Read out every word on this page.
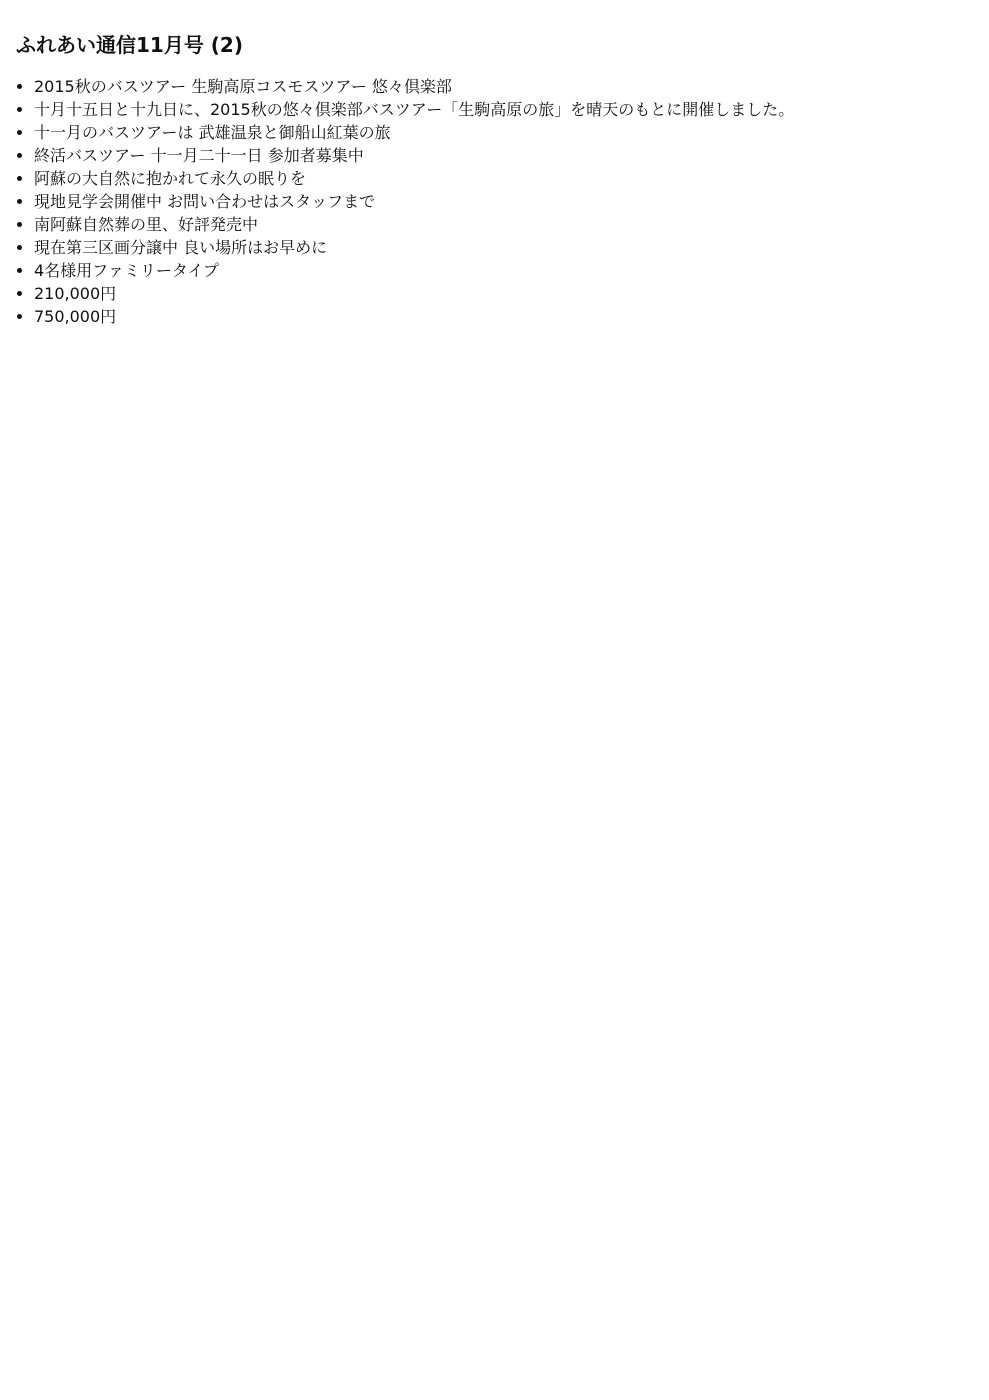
ふれあい通信11月号 (2)
• 2015秋のバスツアー 生駒高原コスモスツアー 悠々倶楽部
• 十月十五日と十九日に、2015秋の悠々倶楽部バスツアー「生駒高原の旅」を晴天のもとに開催しました。
• 十一月のバスツアーは 武雄温泉と御船山紅葉の旅
• 終活バスツアー 十一月二十一日 参加者募集中
• 阿蘇の大自然に抱かれて永久の眠りを
• 現地見学会開催中 お問い合わせはスタッフまで
• 南阿蘇自然葬の里、好評発売中
• 現在第三区画分譲中 良い場所はお早めに
• 4名様用ファミリータイプ
• 210,000円
• 750,000円
